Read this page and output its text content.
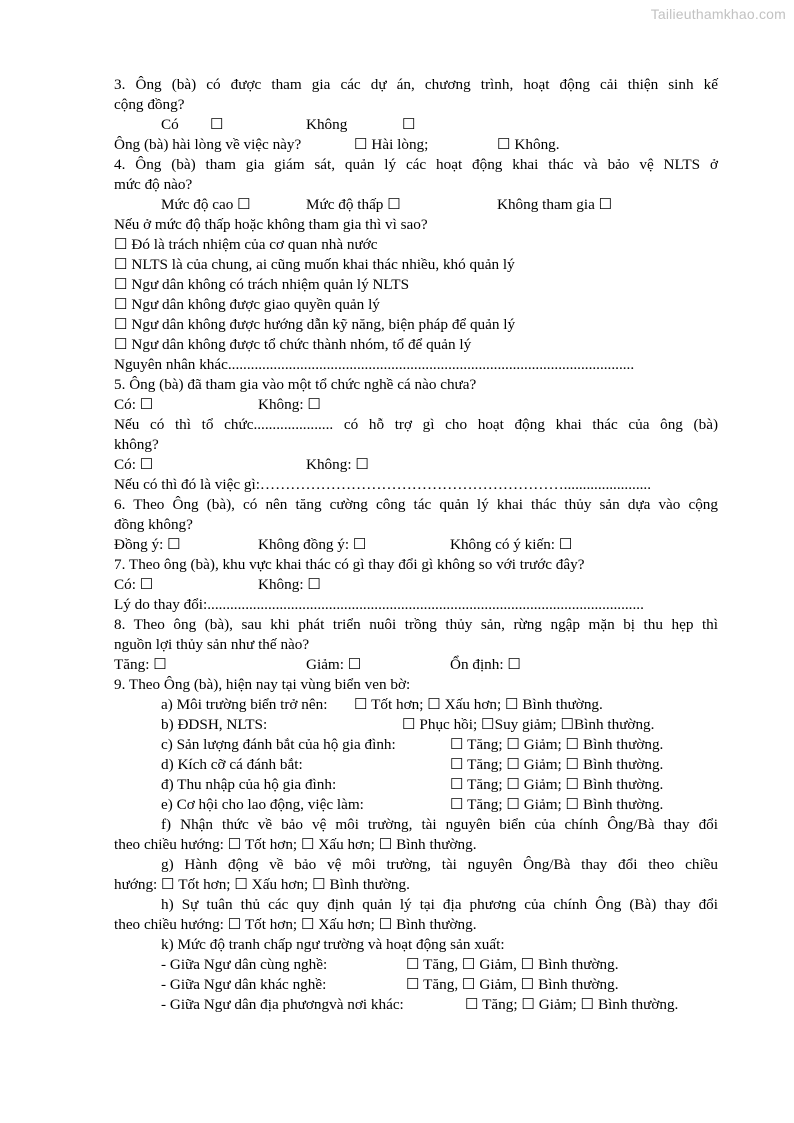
Tailieuthamkhao.com
3. Ông (bà) có được tham gia các dự án, chương trình, hoạt động cải thiện sinh kế
cộng đồng?
Có ☐	Không	☐
Ông (bà) hài lòng về việc này?	☐ Hài lòng;	☐ Không.
4. Ông (bà) tham gia giám sát, quản lý các hoạt động khai thác và bảo vệ NLTS ở
mức độ nào?
Mức độ cao ☐	Mức độ thấp ☐	Không tham gia ☐
Nếu ở mức độ thấp hoặc không tham gia thì vì sao?
☐ Đó là trách nhiệm của cơ quan nhà nước
☐ NLTS là của chung, ai cũng muốn khai thác nhiều, khó quản lý
☐ Ngư dân không có trách nhiệm quản lý NLTS
☐ Ngư dân không được giao quyền quản lý
☐ Ngư dân không được hướng dẫn kỹ năng, biện pháp để quản lý
☐ Ngư dân không được tổ chức thành nhóm, tổ để quản lý
Nguyên nhân khác...........................................................................................................
5. Ông (bà) đã tham gia vào một tổ chức nghề cá nào chưa?
Có: ☐	Không: ☐
Nếu có thì tổ chức..................... có hỗ trợ gì cho hoạt động khai thác của ông (bà)
không?
Có: ☐	Không: ☐
Nếu có thì đó là việc gì:…………………………………………………….......................
6. Theo Ông (bà), có nên tăng cường công tác quản lý khai thác thủy sản dựa vào cộng
đồng không?
Đồng ý: ☐	Không đồng ý: ☐	Không có ý kiến: ☐
7. Theo ông (bà), khu vực khai thác có gì thay đổi gì không so với trước đây?
Có: ☐	Không: ☐
Lý do thay đổi:...................................................................................................................
8. Theo ông (bà), sau khi phát triển nuôi trồng thủy sản, rừng ngập mặn bị thu hẹp thì
nguồn lợi thủy sản như thế nào?
Tăng: ☐	Giảm: ☐	Ổn định: ☐
9. Theo Ông (bà), hiện nay tại vùng biển ven bờ:
a) Môi trường biển trở nên: ☐ Tốt hơn; ☐ Xấu hơn; ☐ Bình thường.
b) ĐDSH, NLTS:	☐ Phục hồi; ☐Suy giảm; ☐Bình thường.
c) Sản lượng đánh bắt của hộ gia đình:	☐ Tăng; ☐ Giảm; ☐ Bình thường.
d) Kích cỡ cá đánh bắt:	☐ Tăng; ☐ Giảm; ☐ Bình thường.
đ) Thu nhập của hộ gia đình:	☐ Tăng; ☐ Giảm; ☐ Bình thường.
e) Cơ hội cho lao động, việc làm:	☐ Tăng; ☐ Giảm; ☐ Bình thường.
f) Nhận thức về bảo vệ môi trường, tài nguyên biển của chính Ông/Bà thay đổi
theo chiều hướng: ☐ Tốt hơn; ☐ Xấu hơn; ☐ Bình thường.
g) Hành động về bảo vệ môi trường, tài nguyên Ông/Bà thay đổi theo chiều
hướng: ☐ Tốt hơn; ☐ Xấu hơn; ☐ Bình thường.
h) Sự tuân thủ các quy định quản lý tại địa phương của chính Ông (Bà) thay đổi
theo chiều hướng: ☐ Tốt hơn; ☐ Xấu hơn; ☐ Bình thường.
k) Mức độ tranh chấp ngư trường và hoạt động sản xuất:
- Giữa Ngư dân cùng nghề:	☐ Tăng, ☐ Giảm, ☐ Bình thường.
- Giữa Ngư dân khác nghề:	☐ Tăng, ☐ Giảm, ☐ Bình thường.
- Giữa Ngư dân địa phươngvà nơi khác:	☐ Tăng; ☐ Giảm; ☐ Bình thường.
